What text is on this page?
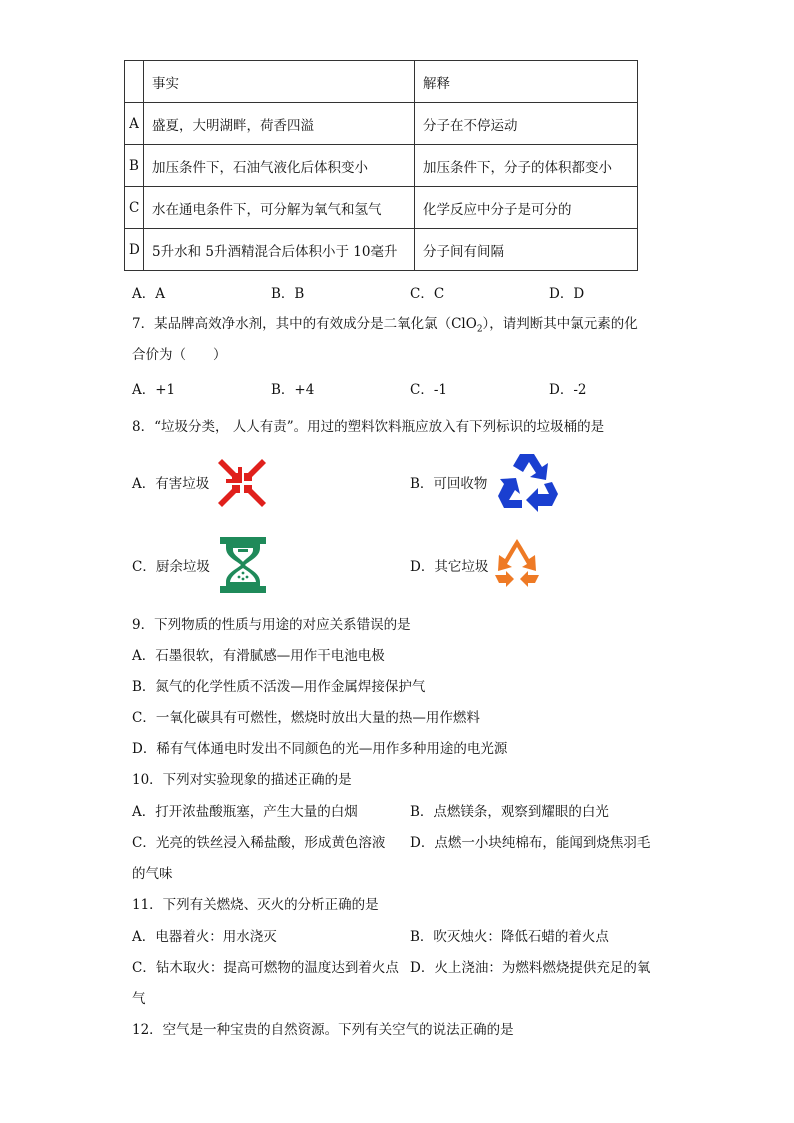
	事实	解释
A	盛夏，大明湖畔，荷香四溢	分子在不停运动
B	加压条件下，石油气液化后体积变小	加压条件下，分子的体积都变小
C	水在通电条件下，可分解为氧气和氢气	化学反应中分子是可分的
D	5升水和 5升酒精混合后体积小于 10毫升	分子间有间隔
A．A	B．B	C．C	D．D
7．某品牌高效净水剂，其中的有效成分是二氧化氯（ClO$_2$），请判断其中氯元素的化
合价为（　　）
A．+1	B．+4	C．-1	D．-2
8．“垃圾分类， 人人有责”。用过的塑料饮料瓶应放入有下列标识的垃圾桶的是
A．有害垃圾	B．可回收物
C．厨余垃圾	D．其它垃圾
9．下列物质的性质与用途的对应关系错误的是
A．石墨很软，有滑腻感—用作干电池电极
B．氮气的化学性质不活泼—用作金属焊接保护气
C．一氧化碳具有可燃性，燃烧时放出大量的热—用作燃料
D．稀有气体通电时发出不同颜色的光—用作多种用途的电光源
10．下列对实验现象的描述正确的是
A．打开浓盐酸瓶塞，产生大量的白烟	B．点燃镁条，观察到耀眼的白光
C．光亮的铁丝浸入稀盐酸，形成黄色溶液 D．点燃一小块纯棉布，能闻到烧焦羽毛
的气味
11．下列有关燃烧、灭火的分析正确的是
A．电器着火：用水浇灭	B．吹灭烛火：降低石蜡的着火点
C．钻木取火：提高可燃物的温度达到着火点 D．火上浇油：为燃料燃烧提供充足的氧
气
12．空气是一种宝贵的自然资源。下列有关空气的说法正确的是
